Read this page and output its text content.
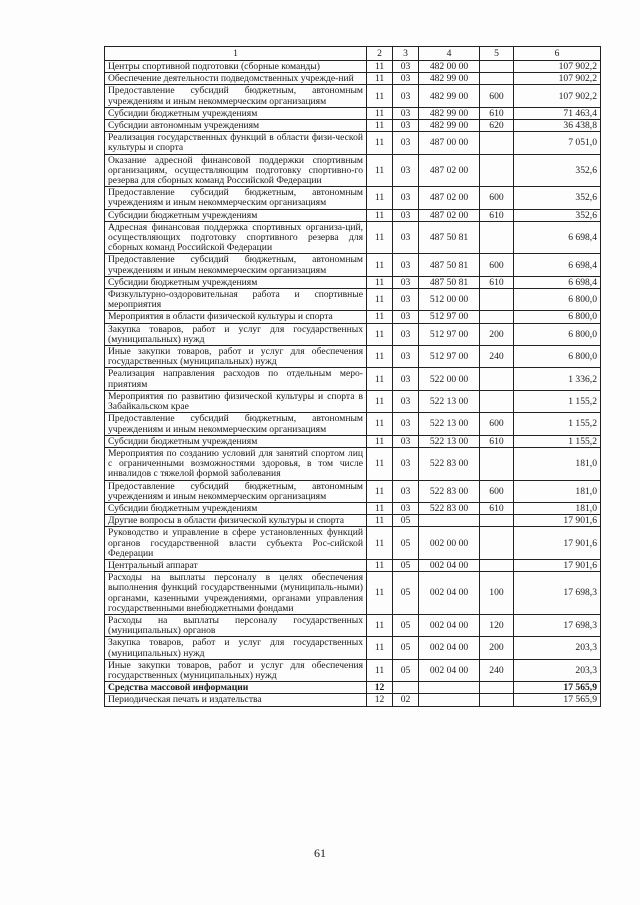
1	2	3	4	5	6
Центры спортивной подготовки (сборные команды)	11	03	482 00 00		107 902,2
Обеспечение деятельности подведомственных учрежде-ний	11	03	482 99 00		107 902,2
Предоставление субсидий бюджетным, автономным учреждениям и иным некоммерческим организациям	11	03	482 99 00	600	107 902,2
Субсидии бюджетным учреждениям	11	03	482 99 00	610	71 463,4
Субсидии автономным учреждениям	11	03	482 99 00	620	36 438,8
Реализация государственных функций в области физи-ческой культуры и спорта	11	03	487 00 00		7 051,0
Оказание адресной финансовой поддержки спортивным организациям, осуществляющим подготовку спортивно-го резерва для сборных команд Российской Федерации	11	03	487 02 00		352,6
Предоставление субсидий бюджетным, автономным учреждениям и иным некоммерческим организациям	11	03	487 02 00	600	352,6
Субсидии бюджетным учреждениям	11	03	487 02 00	610	352,6
Адресная финансовая поддержка спортивных организа-ций, осуществляющих подготовку спортивного резерва для сборных команд Российской Федерации	11	03	487 50 81		6 698,4
Предоставление субсидий бюджетным, автономным учреждениям и иным некоммерческим организациям	11	03	487 50 81	600	6 698,4
Субсидии бюджетным учреждениям	11	03	487 50 81	610	6 698,4
Физкультурно-оздоровительная работа и спортивные мероприятия	11	03	512 00 00		6 800,0
Мероприятия в области физической культуры и спорта	11	03	512 97 00		6 800,0
Закупка товаров, работ и услуг для государственных (муниципальных) нужд	11	03	512 97 00	200	6 800,0
Иные закупки товаров, работ и услуг для обеспечения государственных (муниципальных) нужд	11	03	512 97 00	240	6 800,0
Реализация направления расходов по отдельным меро-приятиям	11	03	522 00 00		1 336,2
Мероприятия по развитию физической культуры и спорта в Забайкальском крае	11	03	522 13 00		1 155,2
Предоставление субсидий бюджетным, автономным учреждениям и иным некоммерческим организациям	11	03	522 13 00	600	1 155,2
Субсидии бюджетным учреждениям	11	03	522 13 00	610	1 155,2
Мероприятия по созданию условий для занятий спортом лиц с ограниченными возможностями здоровья, в том числе инвалидов с тяжелой формой заболевания	11	03	522 83 00		181,0
Предоставление субсидий бюджетным, автономным учреждениям и иным некоммерческим организациям	11	03	522 83 00	600	181,0
Субсидии бюджетным учреждениям	11	03	522 83 00	610	181,0
Другие вопросы в области физической культуры и спорта	11	05			17 901,6
Руководство и управление в сфере установленных функций органов государственной власти субъекта Рос-сийской Федерации	11	05	002 00 00		17 901,6
Центральный аппарат	11	05	002 04 00		17 901,6
Расходы на выплаты персоналу в целях обеспечения выполнения функций государственными (муниципаль-ными) органами, казенными учреждениями, органами управления государственными внебюджетными фондами	11	05	002 04 00	100	17 698,3
Расходы на выплаты персоналу государственных (муниципальных) органов	11	05	002 04 00	120	17 698,3
Закупка товаров, работ и услуг для государственных (муниципальных) нужд	11	05	002 04 00	200	203,3
Иные закупки товаров, работ и услуг для обеспечения государственных (муниципальных) нужд	11	05	002 04 00	240	203,3
Средства массовой информации	12				17 565,9
Периодическая печать и издательства	12	02			17 565,9
61
